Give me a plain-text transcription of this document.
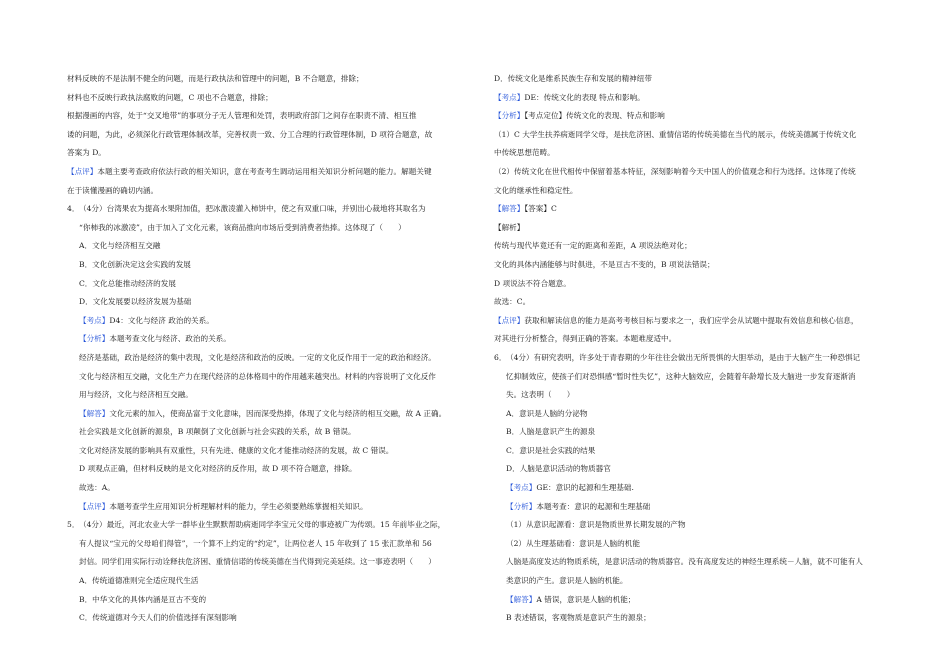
材料反映的不是法制不健全的问题，而是行政执法和管理中的问题，B 不合题意，排除；
材料也不反映行政执法腐败的问题，C 项也不合题意，排除；
根据漫画的内容，处于“交叉地带”的事项分子无人管理和处罚，表明政府部门之间存在职责不清、相互推
诿的问题，为此，必须深化行政管理体制改革，完善权责一致、分工合理的行政管理体制，D 项符合题意，故
答案为 D。
【点评】本题主要考查政府依法行政的相关知识，意在考查考生调动运用相关知识分析问题的能力。解题关键
在于读懂漫画的确切内涵。
4．（4分）台湾果农为提高水果附加值，把冰激凌灌入柿饼中，使之有双重口味，并别出心裁地将其取名为
“你柿我的冰激凌”，由于加入了文化元素，该商品推向市场后受到消费者热捧。这体现了（　　）
A．文化与经济相互交融
B．文化创新决定这会实践的发展
C．文化总能推动经济的发展
D．文化发展要以经济发展为基础
【考点】D4：文化与经济 政治的关系。
【分析】本题考查文化与经济、政治的关系。
经济是基础，政治是经济的集中表现，文化是经济和政治的反映。一定的文化反作用于一定的政治和经济。
文化与经济相互交融，文化生产力在现代经济的总体格局中的作用越来越突出。材料的内容说明了文化反作
用与经济，文化与经济相互交融。
【解答】文化元素的加入，使商品富于文化意味，因而深受热捧，体现了文化与经济的相互交融，故 A 正确。
社会实践是文化创新的源泉，B 项颠倒了文化创新与社会实践的关系，故 B 错误。
文化对经济发展的影响具有双重性，只有先进、健康的文化才能推动经济的发展，故 C 错误。
D 项观点正确，但材料反映的是文化对经济的反作用，故 D 项不符合题意，排除。
故选：A。
【点评】本题考查学生应用知识分析理解材料的能力，学生必须要熟练掌握相关知识。
5．（4分）最近，河北农业大学一群毕业生默默帮助病逝同学李宝元父母的事迹被广为传颂。15 年前毕业之际，
有人提议“宝元的父母咱们得管”，一个算不上约定的“约定”，让两位老人 15 年收到了 15 张汇款单和 56
封信。同学们用实际行动诠释扶危济困、重情信诺的传统美德在当代得到完美延续。这一事迹表明（　　）
A．传统道德准则完全适应现代生活
B．中华文化的具体内涵是亘古不变的
C．传统道德对今天人们的价值选择有深刻影响
D．传统文化是维系民族生存和发展的精神纽带
【考点】DE：传统文化的表现 特点和影响。
【分析】【考点定位】传统文化的表现、特点和影响
（1）C 大学生扶养病逝同学父母，是扶危济困、重情信诺的传统美德在当代的展示，传统美德属于传统文化
中传统思想范畴。
（2）传统文化在世代相传中保留着基本特征，深刻影响着今天中国人的价值观念和行为选择。这体现了传统
文化的继承性和稳定性。
【解答】【答案】C
【解析】
传统与现代毕竟还有一定的距离和差距，A 项说法绝对化；
文化的具体内涵能够与时俱进，不是亘古不变的，B 项说法错误；
D 项说法不符合题意。
故选：C。
【点评】获取和解读信息的能力是高考考核目标与要求之一，我们应学会从试题中提取有效信息和核心信息，
对其进行分析整合，得到正确的答案。本题难度适中。
6．（4分）有研究表明，许多处于青春期的少年往往会做出无所畏惧的大胆举动，是由于大脑产生一种恐惧记
忆抑制效应，使孩子们对恐惧感“暂时性失忆”，这种大脑效应，会随着年龄增长及大脑进一步发育逐渐消
失。这表明（　　）
A．意识是人脑的分泌物
B．人脑是意识产生的源泉
C．意识是社会实践的结果
D．人脑是意识活动的物质器官
【考点】GE：意识的起源和生理基础.
【分析】本题考查：意识的起源和生理基础
（1）从意识起源看：意识是物质世界长期发展的产物
（2）从生理基础看：意识是人脑的机能
人脑是高度发达的物质系统，是意识活动的物质器官。没有高度发达的神经生理系统－人脑，就不可能有人
类意识的产生。意识是人脑的机能。
【解答】A 错误，意识是人脑的机能；
B 表述错误，客观物质是意识产生的源泉；
